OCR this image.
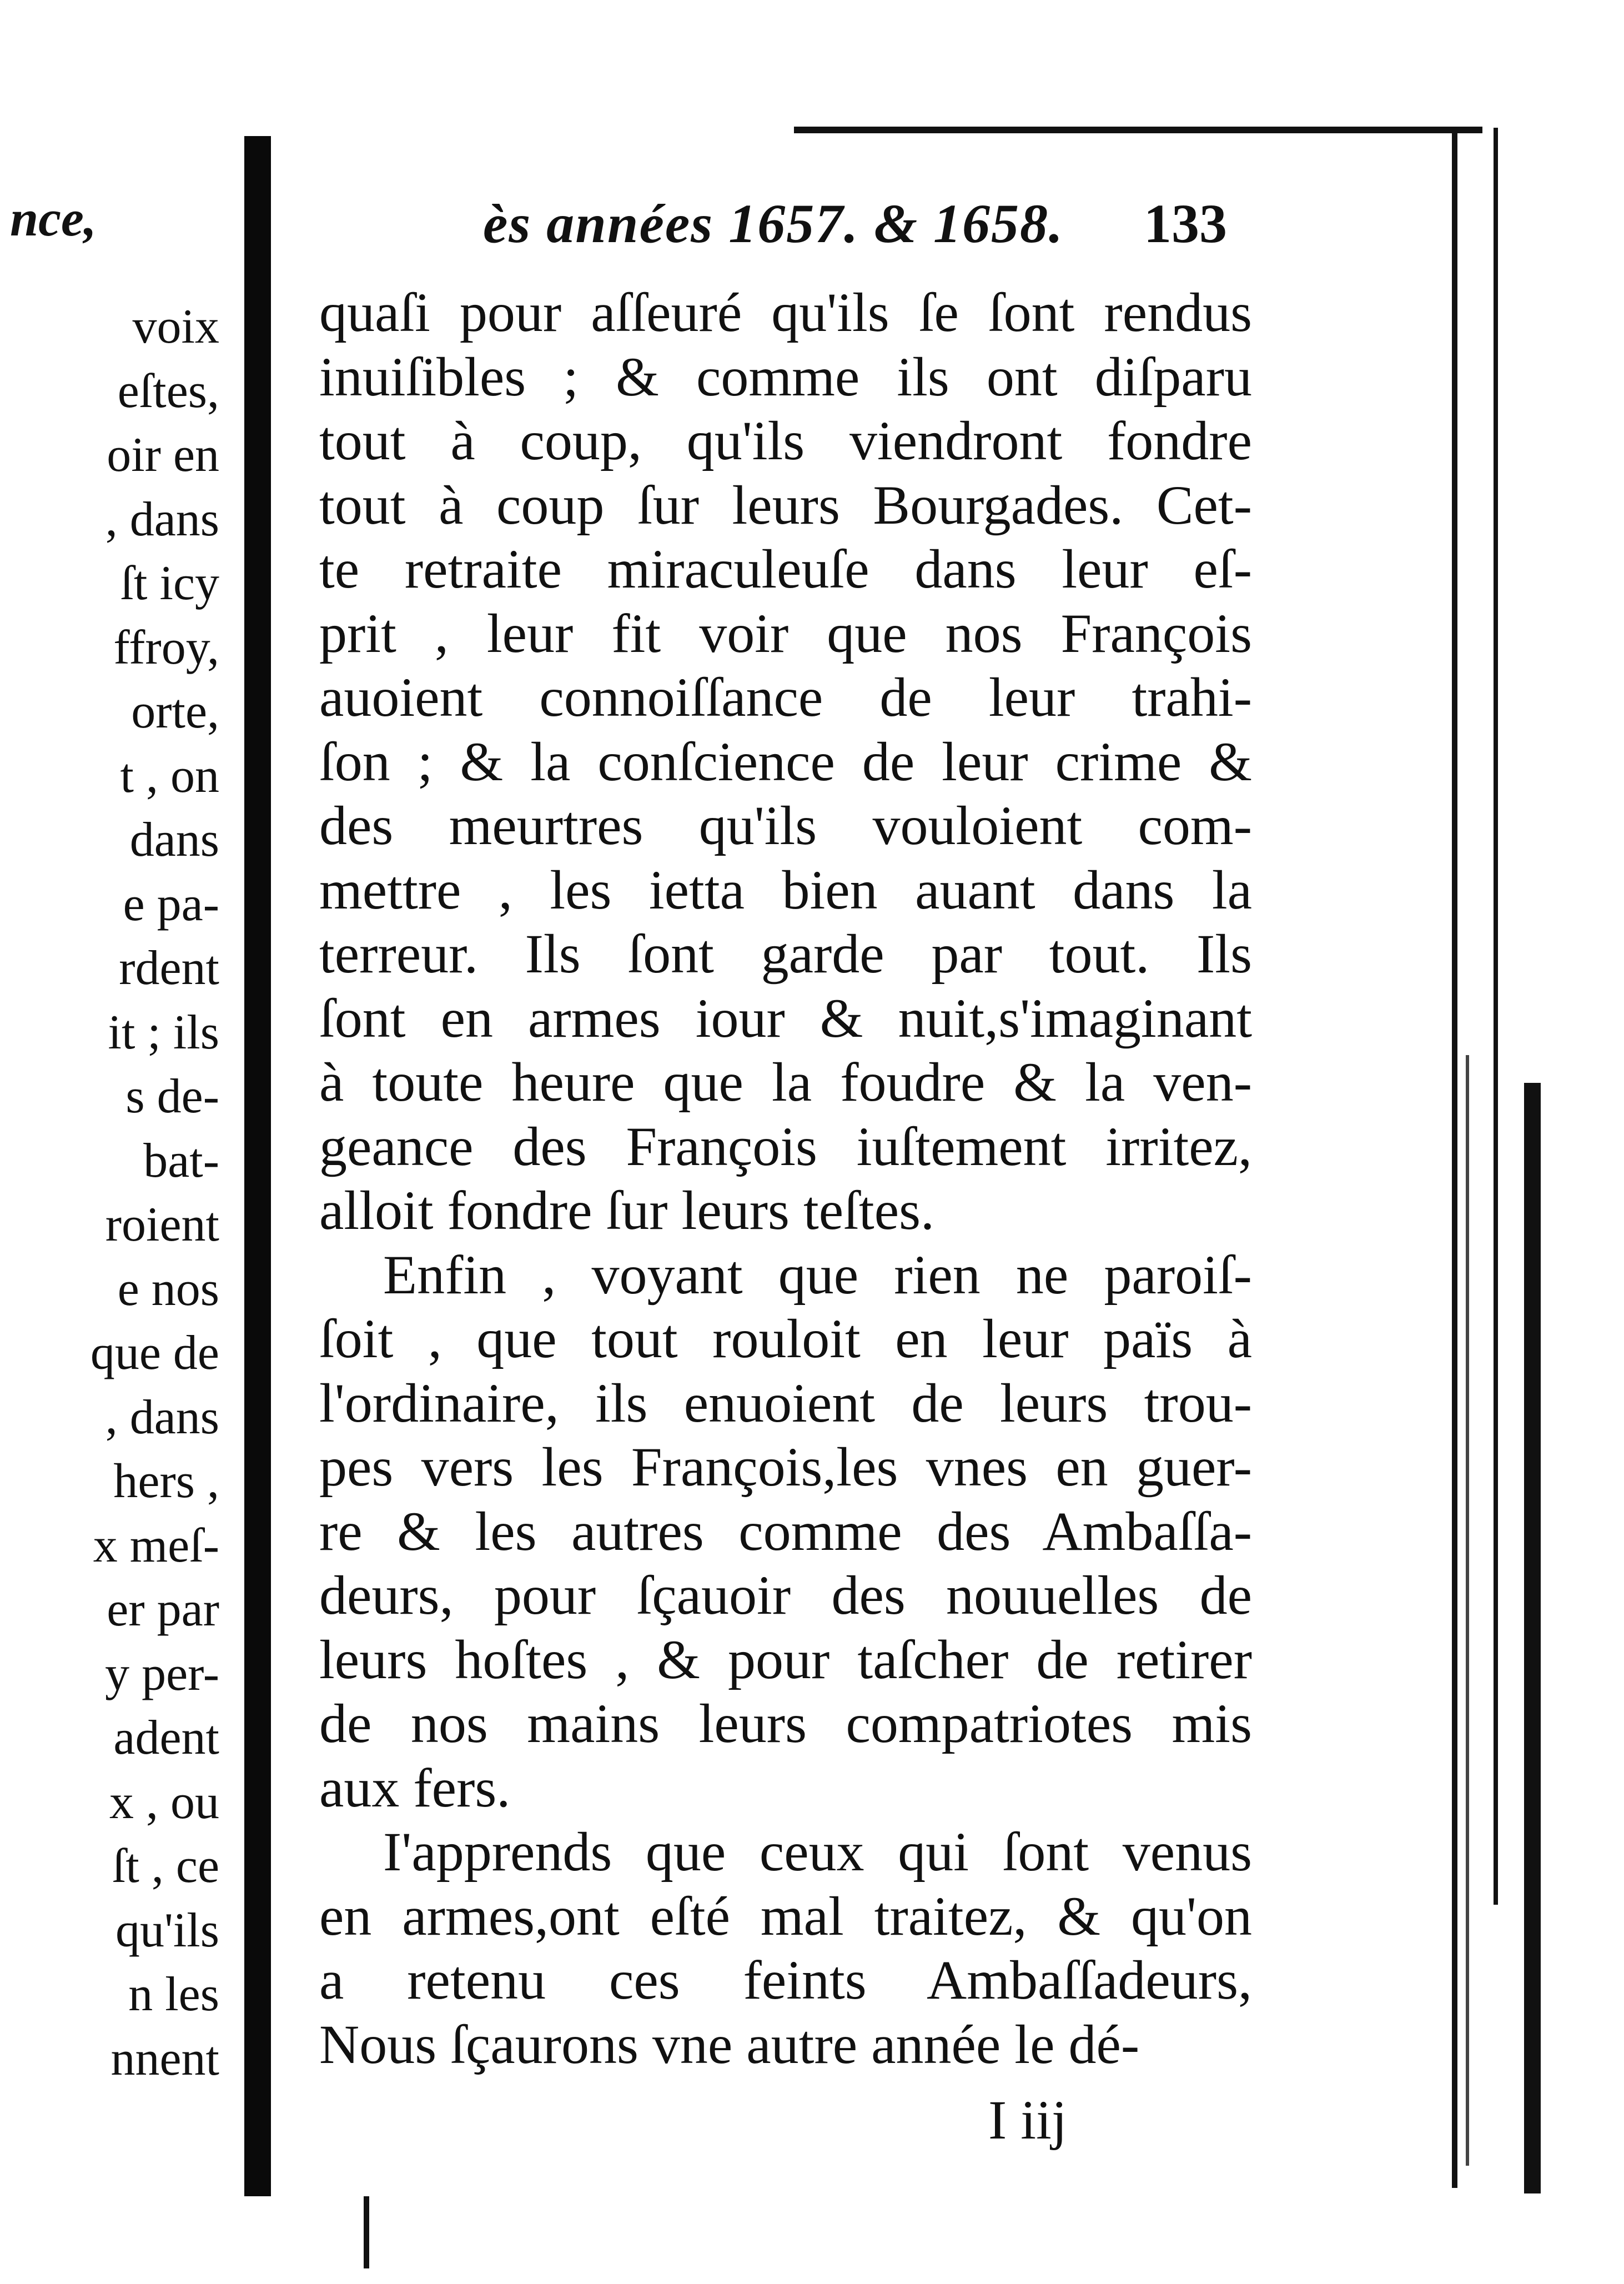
nce,
voix
eſtes,
oir en
, dans
ſt icy
ffroy,
orte,
t , on
dans
e pa-
rdent
it ; ils
s de-
bat-
roient
e nos
que de
, dans
hers ,
x meſ-
er par
y per-
adent
x , ou
ſt , ce
qu'ils
n les
nnent
ès années 1657. & 1658. 133
quaſi pour aſſeuré qu'ils ſe ſont rendus
inuiſibles ; & comme ils ont diſparu
tout à coup, qu'ils viendront fondre
tout à coup ſur leurs Bourgades. Cet-
te retraite miraculeuſe dans leur eſ-
prit , leur fit voir que nos François
auoient connoiſſance de leur trahi-
ſon ; & la conſcience de leur crime &
des meurtres qu'ils vouloient com-
mettre , les ietta bien auant dans la
terreur. Ils ſont garde par tout. Ils
ſont en armes iour & nuit,s'imaginant
à toute heure que la foudre & la ven-
geance des François iuſtement irritez,
alloit fondre ſur leurs teſtes.
Enfin , voyant que rien ne paroiſ-
ſoit , que tout rouloit en leur païs à
l'ordinaire, ils enuoient de leurs trou-
pes vers les François,les vnes en guer-
re & les autres comme des Ambaſſa-
deurs, pour ſçauoir des nouuelles de
leurs hoſtes , & pour taſcher de retirer
de nos mains leurs compatriotes mis
aux fers.
I'apprends que ceux qui ſont venus
en armes,ont eſté mal traitez, & qu'on
a retenu ces feints Ambaſſadeurs,
Nous ſçaurons vne autre année le dé-
I iij
